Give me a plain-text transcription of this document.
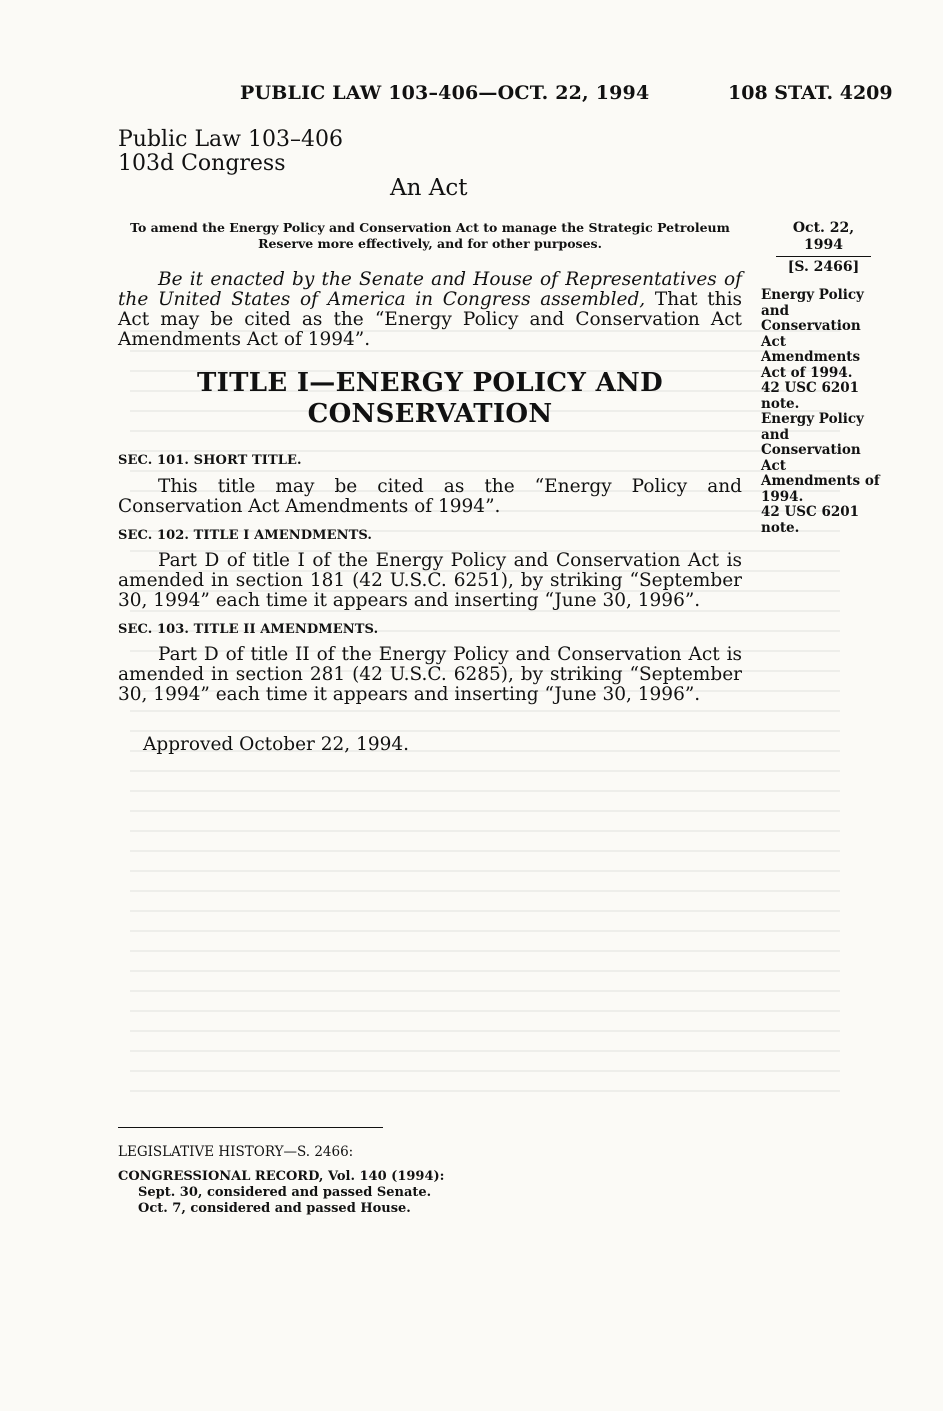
PUBLIC LAW 103–406—OCT. 22, 1994	108 STAT. 4209
Public Law 103–406
103d Congress
An Act
To amend the Energy Policy and Conservation Act to manage the Strategic Petroleum Reserve more effectively, and for other purposes.
Oct. 22, 1994
[S. 2466]
Energy Policy
and
Conservation
Act
Amendments
Act of 1994.
42 USC 6201
note.
Energy Policy
and
Conservation
Act
Amendments of
1994.
42 USC 6201
note.
Be it enacted by the Senate and House of Representatives of the United States of America in Congress assembled, That this Act may be cited as the “Energy Policy and Conservation Act Amendments Act of 1994”.
TITLE I—ENERGY POLICY AND
CONSERVATION
SEC. 101. SHORT TITLE.
This title may be cited as the “Energy Policy and Conservation Act Amendments of 1994”.
SEC. 102. TITLE I AMENDMENTS.
Part D of title I of the Energy Policy and Conservation Act is amended in section 181 (42 U.S.C. 6251), by striking “September 30, 1994” each time it appears and inserting “June 30, 1996”.
SEC. 103. TITLE II AMENDMENTS.
Part D of title II of the Energy Policy and Conservation Act is amended in section 281 (42 U.S.C. 6285), by striking “September 30, 1994” each time it appears and inserting “June 30, 1996”.
Approved October 22, 1994.
LEGISLATIVE HISTORY—S. 2466:
CONGRESSIONAL RECORD, Vol. 140 (1994):
Sept. 30, considered and passed Senate.
Oct. 7, considered and passed House.
